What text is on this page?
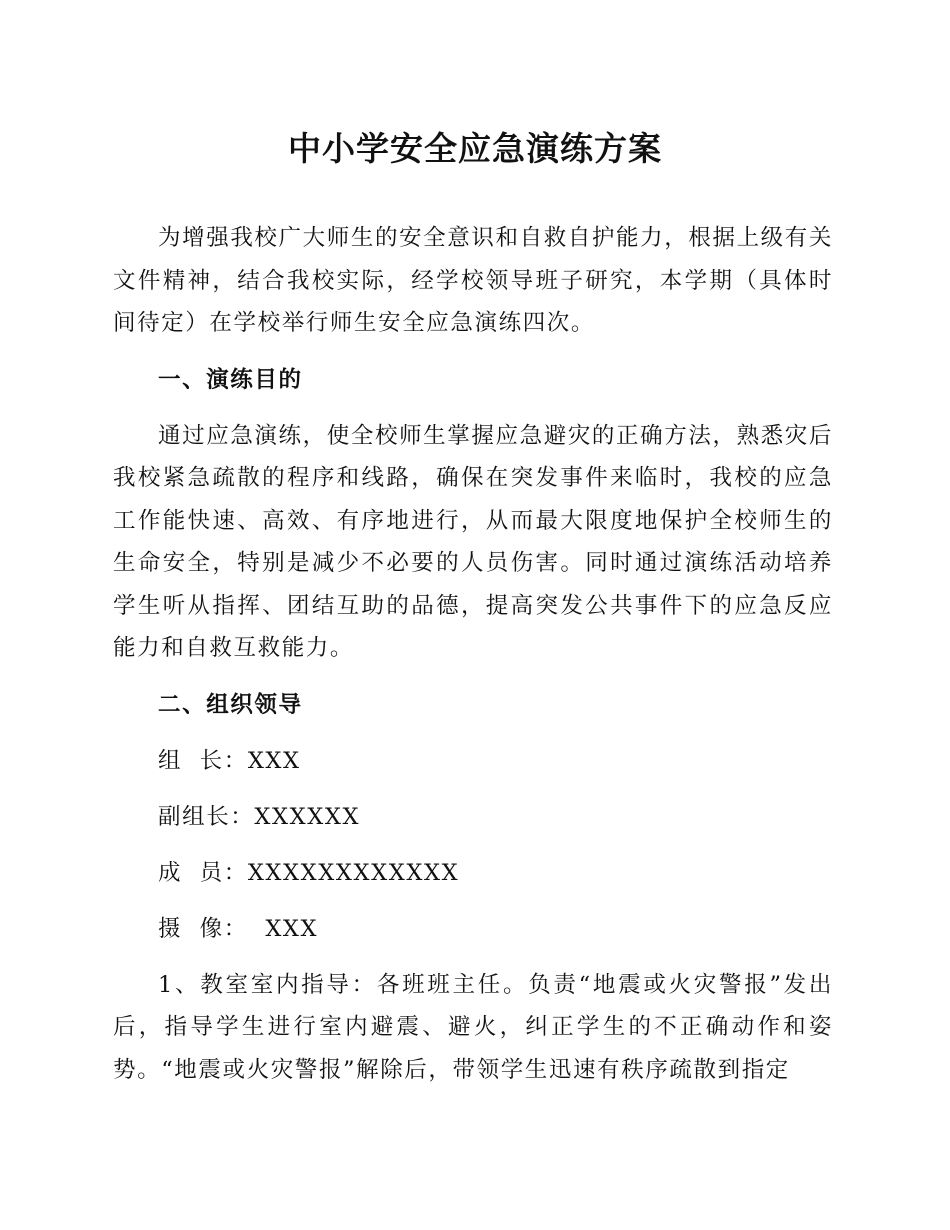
中小学安全应急演练方案

为增强我校广大师生的安全意识和自救自护能力，根据上级有关文件精神，结合我校实际，经学校领导班子研究，本学期（具体时间待定）在学校举行师生安全应急演练四次。

一、演练目的

通过应急演练，使全校师生掌握应急避灾的正确方法，熟悉灾后我校紧急疏散的程序和线路，确保在突发事件来临时，我校的应急工作能快速、高效、有序地进行，从而最大限度地保护全校师生的生命安全，特别是减少不必要的人员伤害。同时通过演练活动培养学生听从指挥、团结互助的品德，提高突发公共事件下的应急反应能力和自救互救能力。

二、组织领导

组  长：XXX

副组长：XXXXXX

成  员：XXXXXXXXXXXX

摄  像：  XXX

1、教室室内指导：各班班主任。负责“地震或火灾警报”发出后，指导学生进行室内避震、避火，纠正学生的不正确动作和姿势。“地震或火灾警报”解除后，带领学生迅速有秩序疏散到指定
